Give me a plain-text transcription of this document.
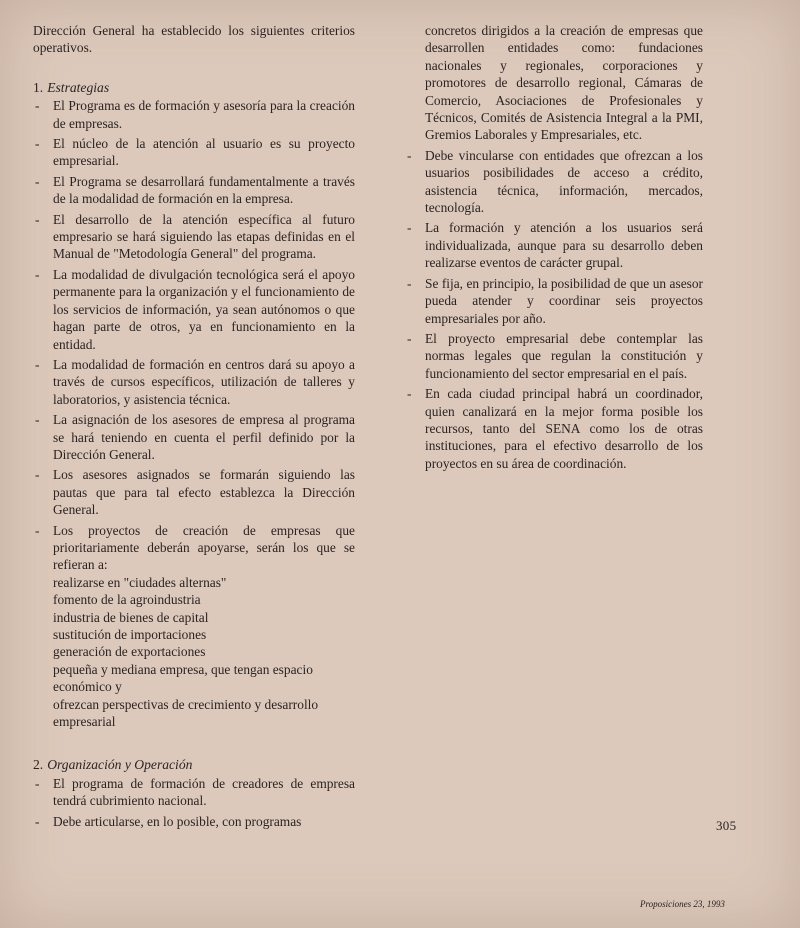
Dirección General ha establecido los siguientes criterios operativos.

1. Estrategias
- El Programa es de formación y asesoría para la creación de empresas.
- El núcleo de la atención al usuario es su proyecto empresarial.
- El Programa se desarrollará fundamentalmente a través de la modalidad de formación en la empresa.
- El desarrollo de la atención específica al futuro empresario se hará siguiendo las etapas definidas en el Manual de "Metodología General" del programa.
- La modalidad de divulgación tecnológica será el apoyo permanente para la organización y el funcionamiento de los servicios de información, ya sean autónomos o que hagan parte de otros, ya en funcionamiento en la entidad.
- La modalidad de formación en centros dará su apoyo a través de cursos específicos, utilización de talleres y laboratorios, y asistencia técnica.
- La asignación de los asesores de empresa al programa se hará teniendo en cuenta el perfil definido por la Dirección General.
- Los asesores asignados se formarán siguiendo las pautas que para tal efecto establezca la Dirección General.
- Los proyectos de creación de empresas que prioritariamente deberán apoyarse, serán los que se refieran a:
realizarse en "ciudades alternas"
fomento de la agroindustria
industria de bienes de capital
sustitución de importaciones
generación de exportaciones
pequeña y mediana empresa, que tengan espacio económico y
ofrezcan perspectivas de crecimiento y desarrollo empresarial
2. Organización y Operación
- El programa de formación de creadores de empresa tendrá cubrimiento nacional.
- Debe articularse, en lo posible, con programas

concretos dirigidos a la creación de empresas que desarrollen entidades como: fundaciones nacionales y regionales, corporaciones y promotores de desarrollo regional, Cámaras de Comercio, Asociaciones de Profesionales y Técnicos, Comités de Asistencia Integral a la PMI, Gremios Laborales y Empresariales, etc.

- Debe vincularse con entidades que ofrezcan a los usuarios posibilidades de acceso a crédito, asistencia técnica, información, mercados, tecnología.
- La formación y atención a los usuarios será individualizada, aunque para su desarrollo deben realizarse eventos de carácter grupal.
- Se fija, en principio, la posibilidad de que un asesor pueda atender y coordinar seis proyectos empresariales por año.
- El proyecto empresarial debe contemplar las normas legales que regulan la constitución y funcionamiento del sector empresarial en el país.
- En cada ciudad principal habrá un coordinador, quien canalizará en la mejor forma posible los recursos, tanto del SENA como los de otras instituciones, para el efectivo desarrollo de los proyectos en su área de coordinación.
305
Proposiciones 23, 1993
